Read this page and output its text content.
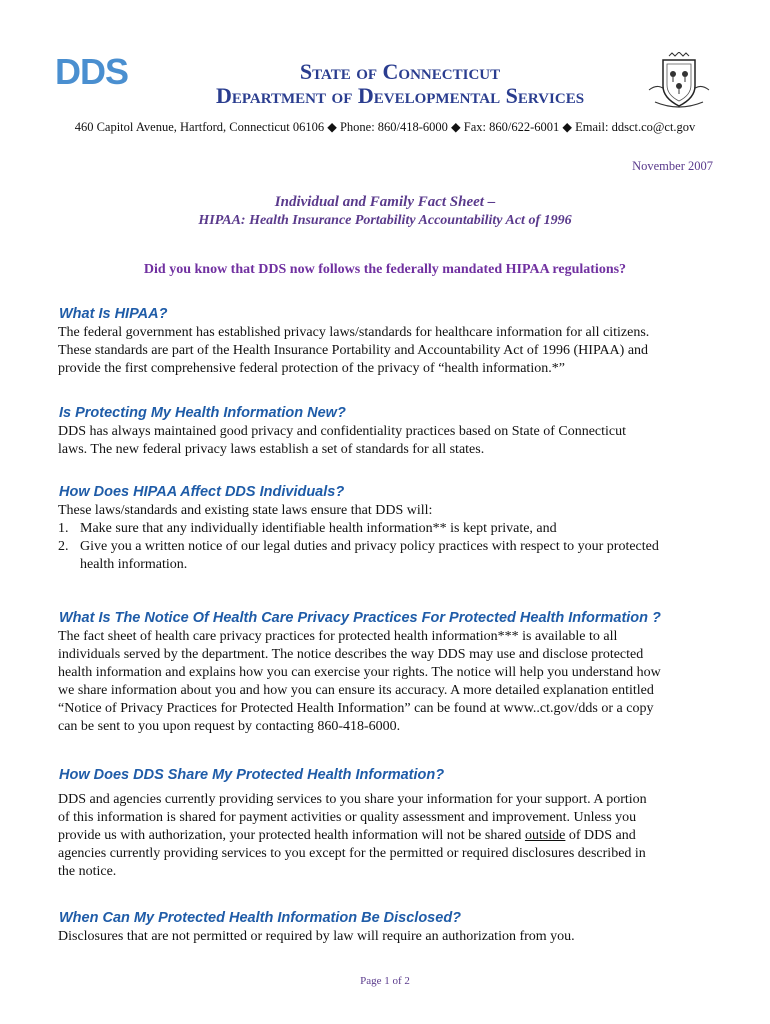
DDS	State of Connecticut
Department of Developmental Services
460 Capitol Avenue, Hartford, Connecticut 06106 ◆ Phone: 860/418-6000 ◆ Fax: 860/622-6001 ◆ Email: ddsct.co@ct.gov
November 2007
Individual and Family Fact Sheet –
HIPAA: Health Insurance Portability Accountability Act of 1996
Did you know that DDS now follows the federally mandated HIPAA regulations?
What Is HIPAA?
The federal government has established privacy laws/standards for healthcare information for all citizens.
These standards are part of the Health Insurance Portability and Accountability Act of 1996 (HIPAA) and
provide the first comprehensive federal protection of the privacy of “health information.*”
Is Protecting My Health Information New?
DDS has always maintained good privacy and confidentiality practices based on State of Connecticut
laws. The new federal privacy laws establish a set of standards for all states.
How Does HIPAA Affect DDS Individuals?
These laws/standards and existing state laws ensure that DDS will:
1. Make sure that any individually identifiable health information** is kept private, and
2. Give you a written notice of our legal duties and privacy policy practices with respect to your protected
health information.
What Is The Notice Of Health Care Privacy Practices For Protected Health Information ?
The fact sheet of health care privacy practices for protected health information*** is available to all
individuals served by the department. The notice describes the way DDS may use and disclose protected
health information and explains how you can exercise your rights. The notice will help you understand how
we share information about you and how you can ensure its accuracy. A more detailed explanation entitled
“Notice of Privacy Practices for Protected Health Information” can be found at www..ct.gov/dds or a copy
can be sent to you upon request by contacting 860-418-6000.
How Does DDS Share My Protected Health Information?
DDS and agencies currently providing services to you share your information for your support. A portion
of this information is shared for payment activities or quality assessment and improvement. Unless you
provide us with authorization, your protected health information will not be shared outside of DDS and
agencies currently providing services to you except for the permitted or required disclosures described in
the notice.
When Can My Protected Health Information Be Disclosed?
Disclosures that are not permitted or required by law will require an authorization from you.
Page 1 of 2
